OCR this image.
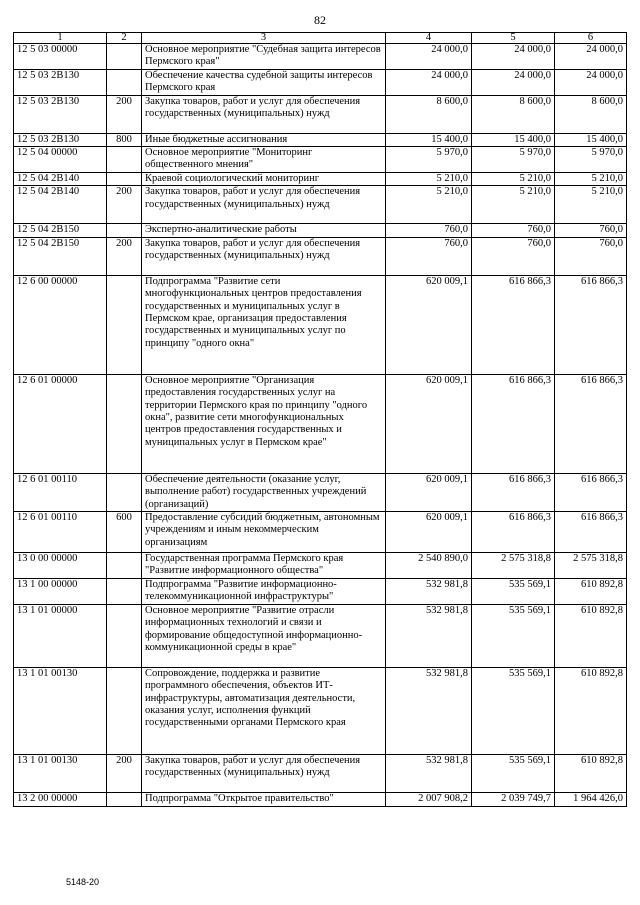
82
1	2	3	4	5	6
12 5 03 00000		Основное мероприятие "Судебная защита интересов Пермского края"	24 000,0	24 000,0	24 000,0
12 5 03 2В130		Обеспечение качества судебной защиты интересов Пермского края	24 000,0	24 000,0	24 000,0
12 5 03 2В130	200	Закупка товаров, работ и услуг для обеспечения государственных (муниципальных) нужд	8 600,0	8 600,0	8 600,0
12 5 03 2В130	800	Иные бюджетные ассигнования	15 400,0	15 400,0	15 400,0
12 5 04 00000		Основное мероприятие "Мониторинг общественного мнения"	5 970,0	5 970,0	5 970,0
12 5 04 2В140		Краевой социологический мониторинг	5 210,0	5 210,0	5 210,0
12 5 04 2В140	200	Закупка товаров, работ и услуг для обеспечения государственных (муниципальных) нужд	5 210,0	5 210,0	5 210,0
12 5 04 2В150		Экспертно-аналитические работы	760,0	760,0	760,0
12 5 04 2В150	200	Закупка товаров, работ и услуг для обеспечения государственных (муниципальных) нужд	760,0	760,0	760,0
12 6 00 00000		Подпрограмма "Развитие сети многофункциональных центров предоставления государственных и муниципальных услуг в Пермском крае, организация предоставления государственных и муниципальных услуг по принципу "одного окна"	620 009,1	616 866,3	616 866,3
12 6 01 00000		Основное мероприятие "Организация предоставления государственных услуг на территории Пермского края по принципу "одного окна", развитие сети многофункциональных центров предоставления государственных и муниципальных услуг в Пермском крае"	620 009,1	616 866,3	616 866,3
12 6 01 00110		Обеспечение деятельности (оказание услуг, выполнение работ) государственных учреждений (организаций)	620 009,1	616 866,3	616 866,3
12 6 01 00110	600	Предоставление субсидий бюджетным, автономным учреждениям и иным некоммерческим организациям	620 009,1	616 866,3	616 866,3
13 0 00 00000		Государственная программа Пермского края "Развитие информационного общества"	2 540 890,0	2 575 318,8	2 575 318,8
13 1 00 00000		Подпрограмма "Развитие информационно-телекоммуникационной инфраструктуры"	532 981,8	535 569,1	610 892,8
13 1 01 00000		Основное мероприятие "Развитие отрасли информационных технологий и связи и формирование общедоступной информационно-коммуникационной среды в крае"	532 981,8	535 569,1	610 892,8
13 1 01 00130		Сопровождение, поддержка и развитие программного обеспечения, объектов ИТ-инфраструктуры, автоматизация деятельности, оказания услуг, исполнения функций государственными органами Пермского края	532 981,8	535 569,1	610 892,8
13 1 01 00130	200	Закупка товаров, работ и услуг для обеспечения государственных (муниципальных) нужд	532 981,8	535 569,1	610 892,8
13 2 00 00000		Подпрограмма "Открытое правительство"	2 007 908,2	2 039 749,7	1 964 426,0
5148-20
